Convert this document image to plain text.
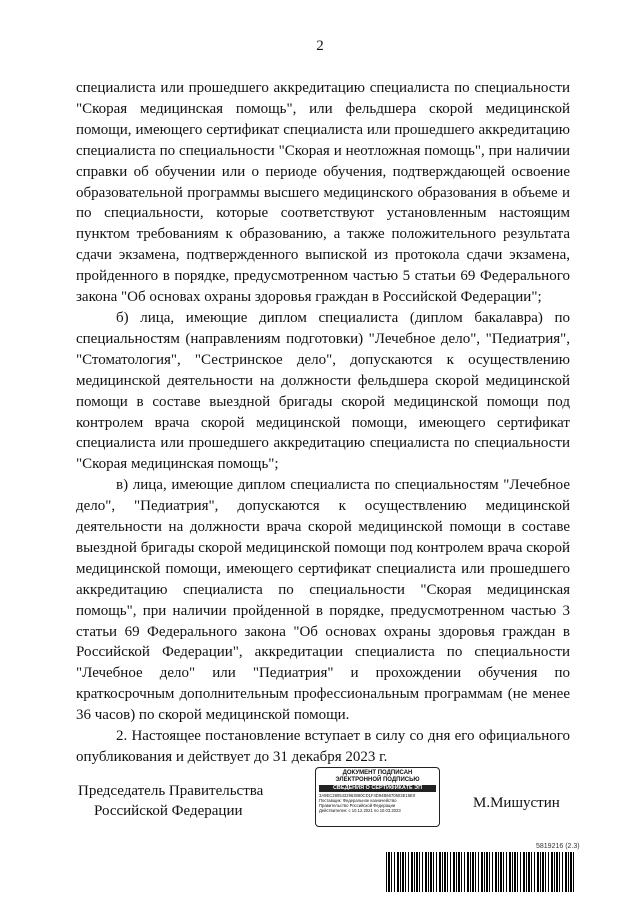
2

специалиста или прошедшего аккредитацию специалиста по специальности "Скорая медицинская помощь", или фельдшера скорой медицинской помощи, имеющего сертификат специалиста или прошедшего аккредитацию специалиста по специальности "Скорая и неотложная помощь", при наличии справки об обучении или о периоде обучения, подтверждающей освоение образовательной программы высшего медицинского образования в объеме и по специальности, которые соответствуют установленным настоящим пунктом требованиям к образованию, а также положительного результата сдачи экзамена, подтвержденного выпиской из протокола сдачи экзамена, пройденного в порядке, предусмотренном частью 5 статьи 69 Федерального закона "Об основах охраны здоровья граждан в Российской Федерации";

б) лица, имеющие диплом специалиста (диплом бакалавра) по специальностям (направлениям подготовки) "Лечебное дело", "Педиатрия", "Стоматология", "Сестринское дело", допускаются к осуществлению медицинской деятельности на должности фельдшера скорой медицинской помощи в составе выездной бригады скорой медицинской помощи под контролем врача скорой медицинской помощи, имеющего сертификат специалиста или прошедшего аккредитацию специалиста по специальности "Скорая медицинская помощь";

в) лица, имеющие диплом специалиста по специальностям "Лечебное дело", "Педиатрия", допускаются к осуществлению медицинской деятельности на должности врача скорой медицинской помощи в составе выездной бригады скорой медицинской помощи под контролем врача скорой медицинской помощи, имеющего сертификат специалиста или прошедшего аккредитацию специалиста по специальности "Скорая медицинская помощь", при наличии пройденной в порядке, предусмотренном частью 3 статьи 69 Федерального закона "Об основах охраны здоровья граждан в Российской Федерации", аккредитации специалиста по специальности "Лечебное дело" или "Педиатрия" и прохождении обучения по краткосрочным дополнительным профессиональным программам (не менее 36 часов) по скорой медицинской помощи.

2. Настоящее постановление вступает в силу со дня его официального опубликования и действует до 31 декабря 2023 г.

Председатель Правительства
Российской Федерации
ДОКУМЕНТ ПОДПИСАН
ЭЛЕКТРОННОЙ ПОДПИСЬЮ
СВЕДЕНИЯ О СЕРТИФИКАТЕ ЭП
3A9EC2805432963880CD1F4D94B6670503E16E0
Поставщик: Федеральное казначейство
Правительство Российской Федерации
Действителен: с 10.12.2021 по 10.03.2023	М.Мишустин
5819216 (2.3)
